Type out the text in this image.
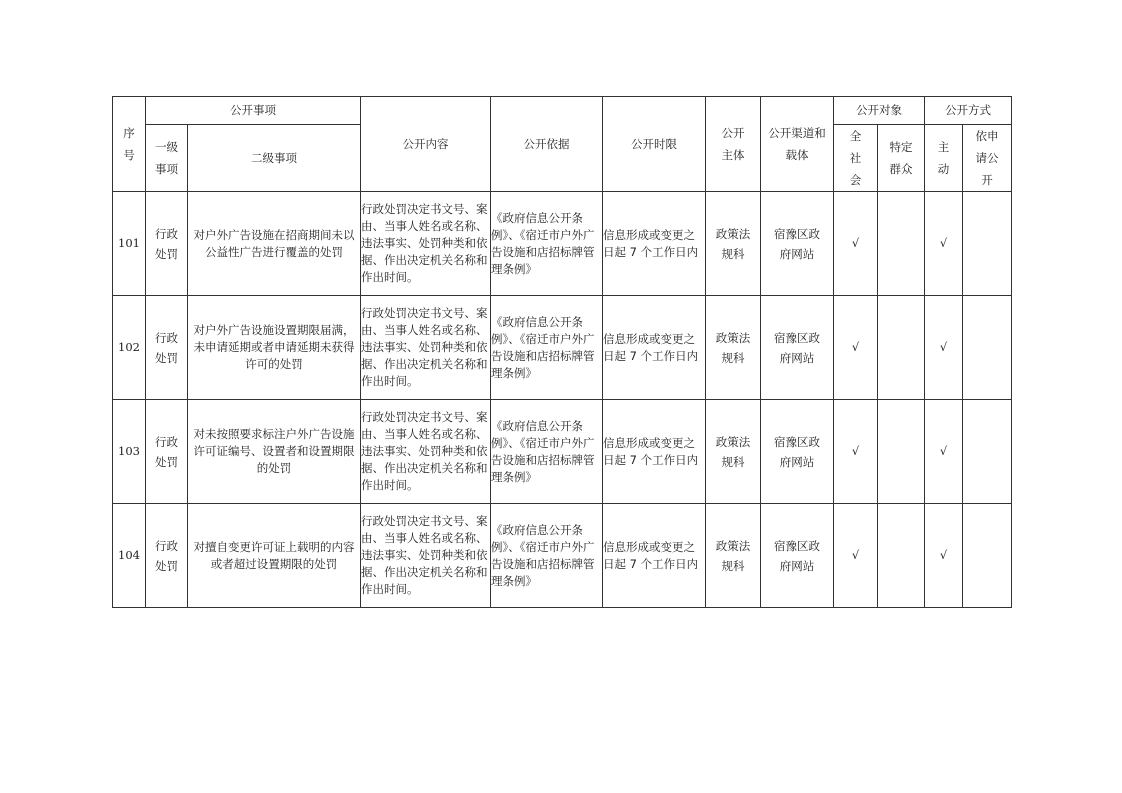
序号	公开事项		公开内容	公开依据	公开时限	公开主体	公开渠道和载体	公开对象		公开方式	
	一级事项	二级事项						全社会	特定群众	主动	依申请公开
101	行政处罚	对户外广告设施在招商期间未以公益性广告进行覆盖的处罚	行政处罚决定书文号、案由、当事人姓名或名称、违法事实、处罚种类和依据、作出决定机关名称和作出时间。	《政府信息公开条例》、《宿迁市户外广告设施和店招标牌管理条例》	信息形成或变更之日起 7 个工作日内	政策法规科	宿豫区政府网站	√		√	
102	行政处罚	对户外广告设施设置期限届满，未申请延期或者申请延期未获得许可的处罚	行政处罚决定书文号、案由、当事人姓名或名称、违法事实、处罚种类和依据、作出决定机关名称和作出时间。	《政府信息公开条例》、《宿迁市户外广告设施和店招标牌管理条例》	信息形成或变更之日起 7 个工作日内	政策法规科	宿豫区政府网站	√		√	
103	行政处罚	对未按照要求标注户外广告设施许可证编号、设置者和设置期限的处罚	行政处罚决定书文号、案由、当事人姓名或名称、违法事实、处罚种类和依据、作出决定机关名称和作出时间。	《政府信息公开条例》、《宿迁市户外广告设施和店招标牌管理条例》	信息形成或变更之日起 7 个工作日内	政策法规科	宿豫区政府网站	√		√	
104	行政处罚	对擅自变更许可证上载明的内容或者超过设置期限的处罚	行政处罚决定书文号、案由、当事人姓名或名称、违法事实、处罚种类和依据、作出决定机关名称和作出时间。	《政府信息公开条例》、《宿迁市户外广告设施和店招标牌管理条例》	信息形成或变更之日起 7 个工作日内	政策法规科	宿豫区政府网站	√		√	
